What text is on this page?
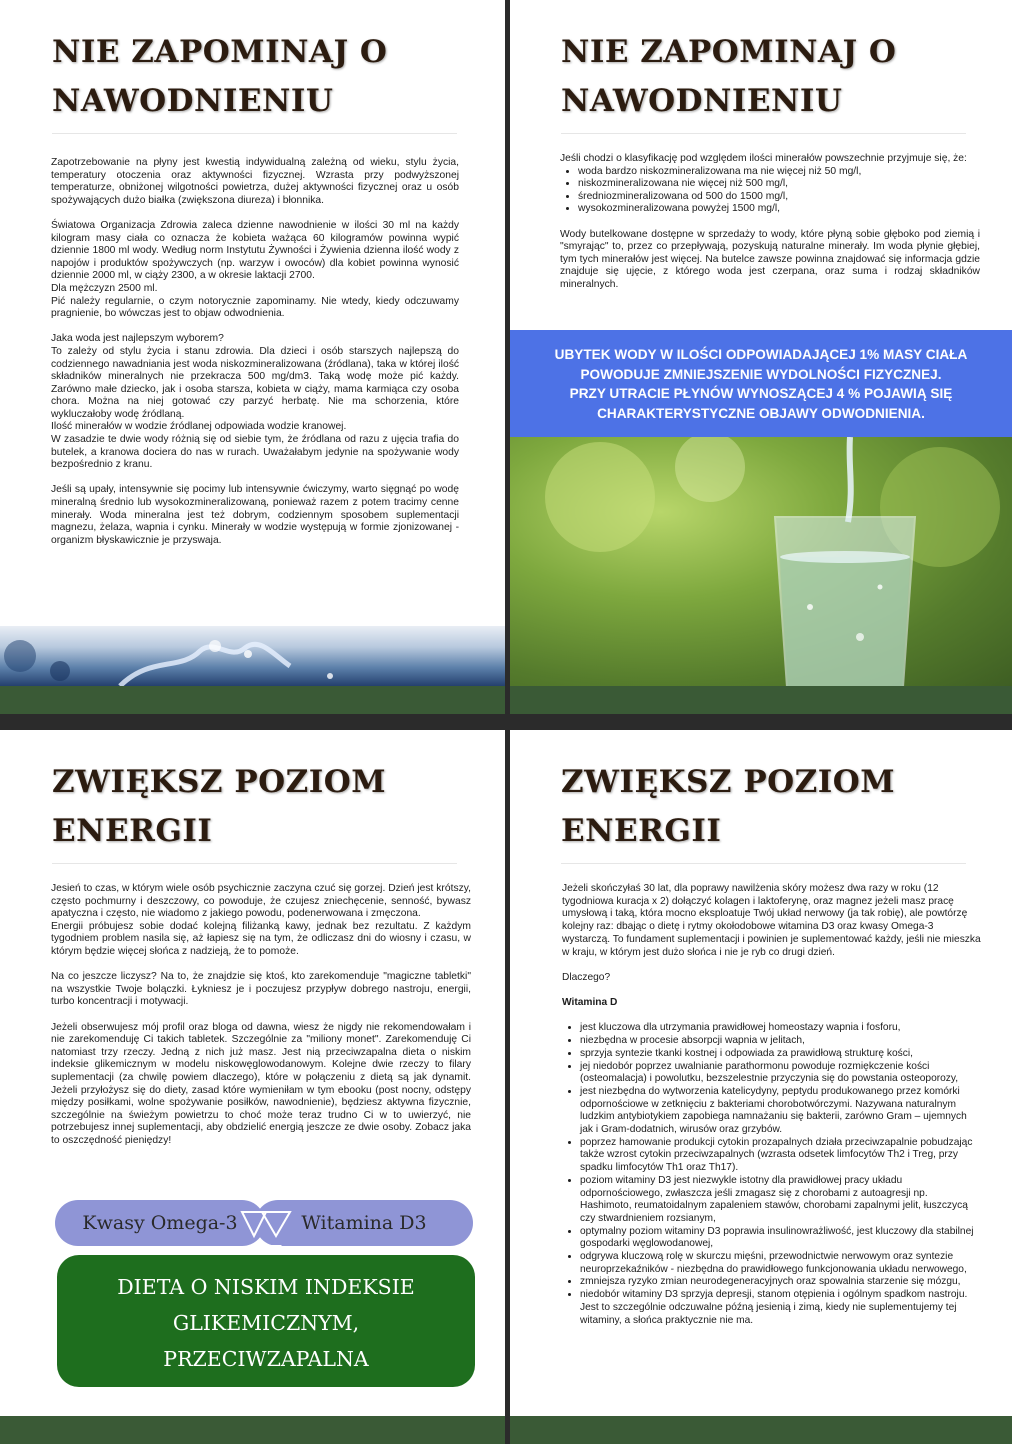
NIE ZAPOMINAJ O
NAWODNIENIU

Zapotrzebowanie na płyny jest kwestią indywidualną zależną od wieku, stylu życia, temperatury otoczenia oraz aktywności fizycznej. Wzrasta przy podwyższonej temperaturze, obniżonej wilgotności powietrza, dużej aktywności fizycznej oraz u osób spożywających dużo białka (zwiększona diureza) i błonnika.

Światowa Organizacja Zdrowia zaleca dzienne nawodnienie w ilości 30 ml na każdy kilogram masy ciała co oznacza że kobieta ważąca 60 kilogramów powinna wypić dziennie 1800 ml wody. Według norm Instytutu Żywności i Żywienia dzienna ilość wody z napojów i produktów spożywczych (np. warzyw i owoców) dla kobiet powinna wynosić dziennie 2000 ml, w ciąży 2300, a w okresie laktacji 2700.

Dla mężczyzn 2500 ml.

Pić należy regularnie, o czym notorycznie zapominamy. Nie wtedy, kiedy odczuwamy pragnienie, bo wówczas jest to objaw odwodnienia.

Jaka woda jest najlepszym wyborem?
To zależy od stylu życia i stanu zdrowia. Dla dzieci i osób starszych najlepszą do codziennego nawadniania jest woda niskozmineralizowana (źródlana), taka w której ilość składników mineralnych nie przekracza 500 mg/dm3. Taką wodę może pić każdy. Zarówno małe dziecko, jak i osoba starsza, kobieta w ciąży, mama karmiąca czy osoba chora. Można na niej gotować czy parzyć herbatę. Nie ma schorzenia, które wykluczałoby wodę źródlaną.
Ilość minerałów w wodzie źródlanej odpowiada wodzie kranowej.

W zasadzie te dwie wody różnią się od siebie tym, że źródlana od razu z ujęcia trafia do butelek, a kranowa dociera do nas w rurach. Uważałabym jedynie na spożywanie wody bezpośrednio z kranu.

Jeśli są upały, intensywnie się pocimy lub intensywnie ćwiczymy, warto sięgnąć po wodę mineralną średnio lub wysokozmineralizowaną, ponieważ razem z potem tracimy cenne minerały. Woda mineralna jest też dobrym, codziennym sposobem suplementacji magnezu, żelaza, wapnia i cynku. Minerały w wodzie występują w formie zjonizowanej - organizm błyskawicznie je przyswaja.

NIE ZAPOMINAJ O
NAWODNIENIU
Jeśli chodzi o klasyfikację pod względem ilości minerałów powszechnie przyjmuje się, że:
• woda bardzo niskozmineralizowana ma nie więcej niż 50 mg/l,
• niskozmineralizowana nie więcej niż 500 mg/l,
• średniozmineralizowana od 500 do 1500 mg/l,
• wysokozmineralizowana powyżej 1500 mg/l,

Wody butelkowane dostępne w sprzedaży to wody, które płyną sobie głęboko pod ziemią i "smyrając" to, przez co przepływają, pozyskują naturalne minerały. Im woda płynie głębiej, tym tych minerałów jest więcej. Na butelce zawsze powinna znajdować się informacja gdzie znajduje się ujęcie, z którego woda jest czerpana, oraz suma i rodzaj składników mineralnych.

UBYTEK WODY W ILOŚCI ODPOWIADAJĄCEJ 1% MASY CIAŁA
POWODUJE ZMNIEJSZENIE WYDOLNOŚCI FIZYCZNEJ.
PRZY UTRACIE PŁYNÓW WYNOSZĄCEJ 4 % POJAWIĄ SIĘ
CHARAKTERYSTYCZNE OBJAWY ODWODNIENIA.
ZWIĘKSZ POZIOM
ENERGII
Jesień to czas, w którym wiele osób psychicznie zaczyna czuć się gorzej. Dzień jest krótszy, często pochmurny i deszczowy, co powoduje, że czujesz zniechęcenie, senność, bywasz apatyczna i często, nie wiadomo z jakiego powodu, podenerwowana i zmęczona.

Energii próbujesz sobie dodać kolejną filiżanką kawy, jednak bez rezultatu. Z każdym tygodniem problem nasila się, aż łapiesz się na tym, że odliczasz dni do wiosny i czasu, w którym będzie więcej słońca z nadzieją, że to pomoże.

Na co jeszcze liczysz? Na to, że znajdzie się ktoś, kto zarekomenduje "magiczne tabletki" na wszystkie Twoje bolączki. Łykniesz je i poczujesz przypływ dobrego nastroju, energii, turbo koncentracji i motywacji.

Jeżeli obserwujesz mój profil oraz bloga od dawna, wiesz że nigdy nie rekomendowałam i nie zarekomenduję Ci takich tabletek. Szczególnie za "miliony monet". Zarekomenduję Ci natomiast trzy rzeczy. Jedną z nich już masz. Jest nią przeciwzapalna dieta o niskim indeksie glikemicznym w modelu niskowęglowodanowym. Kolejne dwie rzeczy to filary suplementacji (za chwilę powiem dlaczego), które w połączeniu z dietą są jak dynamit. Jeżeli przyłożysz się do diety, zasad które wymieniłam w tym ebooku (post nocny, odstępy między posiłkami, wolne spożywanie posiłków, nawodnienie), będziesz aktywna fizycznie, szczególnie na świeżym powietrzu to choć może teraz trudno Ci w to uwierzyć, nie potrzebujesz innej suplementacji, aby obdzielić energią jeszcze ze dwie osoby. Zobacz jaka to oszczędność pieniędzy!

Kwasy Omega-3	Witamina D3
DIETA O NISKIM INDEKSIE
GLIKEMICZNYM,
PRZECIWZAPALNA
ZWIĘKSZ POZIOM
ENERGII

Jeżeli skończyłaś 30 lat, dla poprawy nawilżenia skóry możesz dwa razy w roku (12 tygodniowa kuracja x 2) dołączyć kolagen i laktoferynę, oraz magnez jeżeli masz pracę umysłową i taką, która mocno eksploatuje Twój układ nerwowy (ja tak robię), ale powtórzę kolejny raz: dbając o dietę i rytmy okołodobowe witamina D3 oraz kwasy Omega-3 wystarczą. To fundament suplementacji i powinien je suplementować każdy, jeśli nie mieszka w kraju, w którym jest dużo słońca i nie je ryb co drugi dzień.

Dlaczego?

Witamina D

• jest kluczowa dla utrzymania prawidłowej homeostazy wapnia i fosforu,
• niezbędna w procesie absorpcji wapnia w jelitach,
• sprzyja syntezie tkanki kostnej i odpowiada za prawidłową strukturę kości,
• jej niedobór poprzez uwalnianie parathormonu powoduje rozmiękczenie kości (osteomalacja) i powolutku, bezszelestnie przyczynia się do powstania osteoporozy,
• jest niezbędna do wytworzenia katelicydyny, peptydu produkowanego przez komórki odpornościowe w zetknięciu z bakteriami chorobotwórczymi. Nazywana naturalnym ludzkim antybiotykiem zapobiega namnażaniu się bakterii, zarówno Gram – ujemnych jak i Gram-dodatnich, wirusów oraz grzybów.
• poprzez hamowanie produkcji cytokin prozapalnych działa przeciwzapalnie pobudzając także wzrost cytokin przeciwzapalnych (wzrasta odsetek limfocytów Th2 i Treg, przy spadku limfocytów Th1 oraz Th17).
• poziom witaminy D3 jest niezwykle istotny dla prawidłowej pracy układu odpornościowego, zwłaszcza jeśli zmagasz się z chorobami z autoagresji np. Hashimoto, reumatoidalnym zapaleniem stawów, chorobami zapalnymi jelit, łuszczycą czy stwardnieniem rozsianym,
• optymalny poziom witaminy D3 poprawia insulinowrażliwość, jest kluczowy dla stabilnej gospodarki węglowodanowej,
• odgrywa kluczową rolę w skurczu mięśni, przewodnictwie nerwowym oraz syntezie neuroprzekaźników - niezbędna do prawidłowego funkcjonowania układu nerwowego,
• zmniejsza ryzyko zmian neurodegeneracyjnych oraz spowalnia starzenie się mózgu,
• niedobór witaminy D3 sprzyja depresji, stanom otępienia i ogólnym spadkom nastroju. Jest to szczególnie odczuwalne późną jesienią i zimą, kiedy nie suplementujemy tej witaminy, a słońca praktycznie nie ma.
